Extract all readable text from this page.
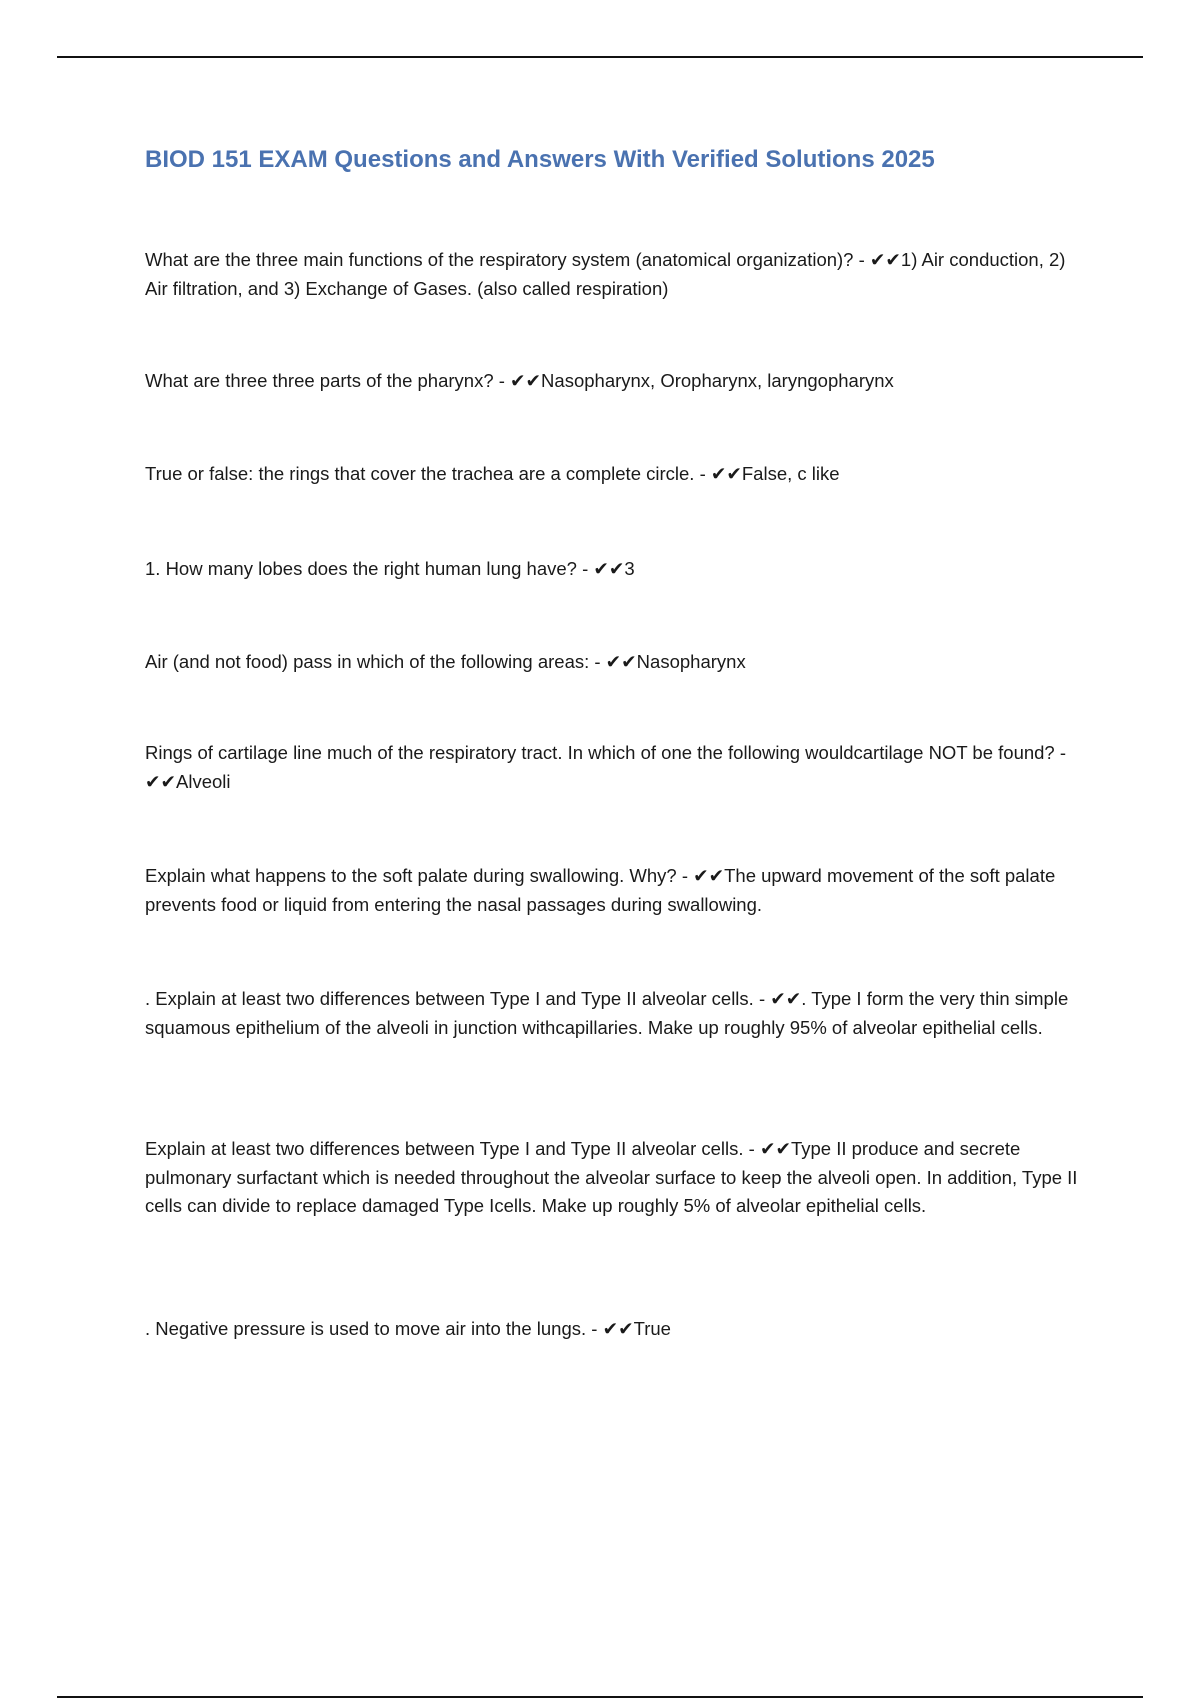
BIOD 151 EXAM Questions and Answers With Verified Solutions 2025

What are the three main functions of the respiratory system (anatomical organization)? - ✔✔1) Air conduction, 2) Air filtration, and 3) Exchange of Gases. (also called respiration)

What are three three parts of the pharynx? - ✔✔Nasopharynx, Oropharynx, laryngopharynx

True or false: the rings that cover the trachea are a complete circle. - ✔✔False, c like

1. How many lobes does the right human lung have? - ✔✔3

Air (and not food) pass in which of the following areas: - ✔✔Nasopharynx

Rings of cartilage line much of the respiratory tract. In which of one the following wouldcartilage NOT be found? - ✔✔Alveoli

Explain what happens to the soft palate during swallowing. Why? - ✔✔The upward movement of the soft palate prevents food or liquid from entering the nasal passages during swallowing.

. Explain at least two differences between Type I and Type II alveolar cells. - ✔✔. Type I form the very thin simple squamous epithelium of the alveoli in junction withcapillaries. Make up roughly 95% of alveolar epithelial cells.

Explain at least two differences between Type I and Type II alveolar cells. - ✔✔Type II produce and secrete pulmonary surfactant which is needed throughout the alveolar surface to keep the alveoli open. In addition, Type II cells can divide to replace damaged Type Icells. Make up roughly 5% of alveolar epithelial cells.

. Negative pressure is used to move air into the lungs. - ✔✔True
